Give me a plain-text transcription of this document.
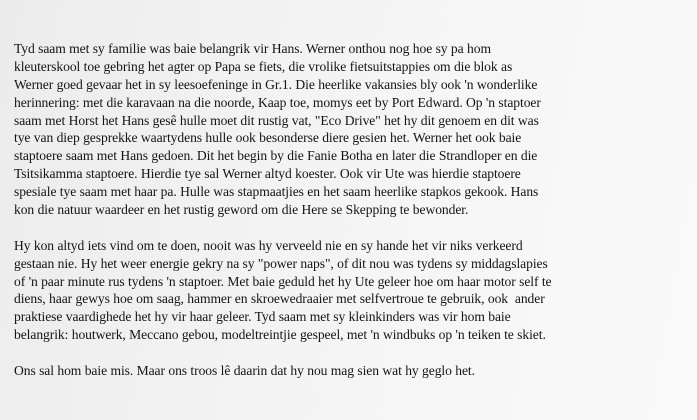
Tyd saam met sy familie was baie belangrik vir Hans. Werner onthou nog hoe sy pa hom
kleuterskool toe gebring het agter op Papa se fiets, die vrolike fietsuitstappies om die blok as
Werner goed gevaar het in sy leesoefeninge in Gr.1. Die heerlike vakansies bly ook 'n wonderlike
herinnering: met die karavaan na die noorde, Kaap toe, momys eet by Port Edward. Op 'n staptoer
saam met Horst het Hans gesê hulle moet dit rustig vat, "Eco Drive" het hy dit genoem en dit was
tye van diep gesprekke waartydens hulle ook besonderse diere gesien het. Werner het ook baie
staptoere saam met Hans gedoen. Dit het begin by die Fanie Botha en later die Strandloper en die
Tsitsikamma staptoere. Hierdie tye sal Werner altyd koester. Ook vir Ute was hierdie staptoere
spesiale tye saam met haar pa. Hulle was stapmaatjies en het saam heerlike stapkos gekook. Hans
kon die natuur waardeer en het rustig geword om die Here se Skepping te bewonder.

Hy kon altyd iets vind om te doen, nooit was hy verveeld nie en sy hande het vir niks verkeerd
gestaan nie. Hy het weer energie gekry na sy "power naps", of dit nou was tydens sy middagslapies
of 'n paar minute rus tydens 'n staptoer. Met baie geduld het hy Ute geleer hoe om haar motor self te
diens, haar gewys hoe om saag, hammer en skroewedraaier met selfvertroue te gebruik, ook  ander
praktiese vaardighede het hy vir haar geleer. Tyd saam met sy kleinkinders was vir hom baie
belangrik: houtwerk, Meccano gebou, modeltreintjie gespeel, met 'n windbuks op 'n teiken te skiet.

Ons sal hom baie mis. Maar ons troos lê daarin dat hy nou mag sien wat hy geglo het.
